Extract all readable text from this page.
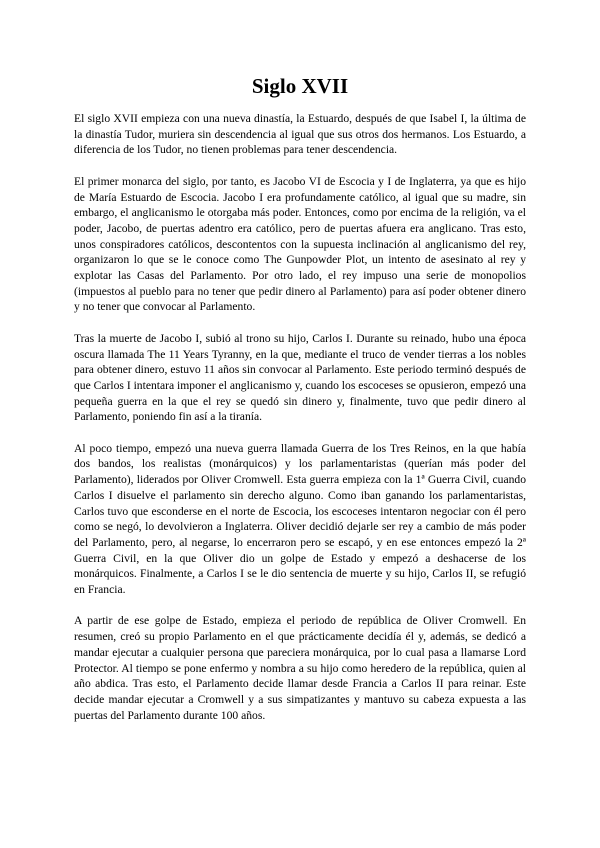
Siglo XVII

El siglo XVII empieza con una nueva dinastía, la Estuardo, después de que Isabel I, la última de la dinastía Tudor, muriera sin descendencia al igual que sus otros dos hermanos. Los Estuardo, a diferencia de los Tudor, no tienen problemas para tener descendencia.

El primer monarca del siglo, por tanto, es Jacobo VI de Escocia y I de Inglaterra, ya que es hijo de María Estuardo de Escocia. Jacobo I era profundamente católico, al igual que su madre, sin embargo, el anglicanismo le otorgaba más poder. Entonces, como por encima de la religión, va el poder, Jacobo, de puertas adentro era católico, pero de puertas afuera era anglicano. Tras esto, unos conspiradores católicos, descontentos con la supuesta inclinación al anglicanismo del rey, organizaron lo que se le conoce como The Gunpowder Plot, un intento de asesinato al rey y explotar las Casas del Parlamento. Por otro lado, el rey impuso una serie de monopolios (impuestos al pueblo para no tener que pedir dinero al Parlamento) para así poder obtener dinero y no tener que convocar al Parlamento.

Tras la muerte de Jacobo I, subió al trono su hijo, Carlos I. Durante su reinado, hubo una época oscura llamada The 11 Years Tyranny, en la que, mediante el truco de vender tierras a los nobles para obtener dinero, estuvo 11 años sin convocar al Parlamento. Este periodo terminó después de que Carlos I intentara imponer el anglicanismo y, cuando los escoceses se opusieron, empezó una pequeña guerra en la que el rey se quedó sin dinero y, finalmente, tuvo que pedir dinero al Parlamento, poniendo fin así a la tiranía.

Al poco tiempo, empezó una nueva guerra llamada Guerra de los Tres Reinos, en la que había dos bandos, los realistas (monárquicos) y los parlamentaristas (querían más poder del Parlamento), liderados por Oliver Cromwell. Esta guerra empieza con la 1ª Guerra Civil, cuando Carlos I disuelve el parlamento sin derecho alguno. Como iban ganando los parlamentaristas, Carlos tuvo que esconderse en el norte de Escocia, los escoceses intentaron negociar con él pero como se negó, lo devolvieron a Inglaterra. Oliver decidió dejarle ser rey a cambio de más poder del Parlamento, pero, al negarse, lo encerraron pero se escapó, y en ese entonces empezó la 2ª Guerra Civil, en la que Oliver dio un golpe de Estado y empezó a deshacerse de los monárquicos. Finalmente, a Carlos I se le dio sentencia de muerte y su hijo, Carlos II, se refugió en Francia.

A partir de ese golpe de Estado, empieza el periodo de república de Oliver Cromwell. En resumen, creó su propio Parlamento en el que prácticamente decidía él y, además, se dedicó a mandar ejecutar a cualquier persona que pareciera monárquica, por lo cual pasa a llamarse Lord Protector. Al tiempo se pone enfermo y nombra a su hijo como heredero de la república, quien al año abdica. Tras esto, el Parlamento decide llamar desde Francia a Carlos II para reinar. Este decide mandar ejecutar a Cromwell y a sus simpatizantes y mantuvo su cabeza expuesta a las puertas del Parlamento durante 100 años.
